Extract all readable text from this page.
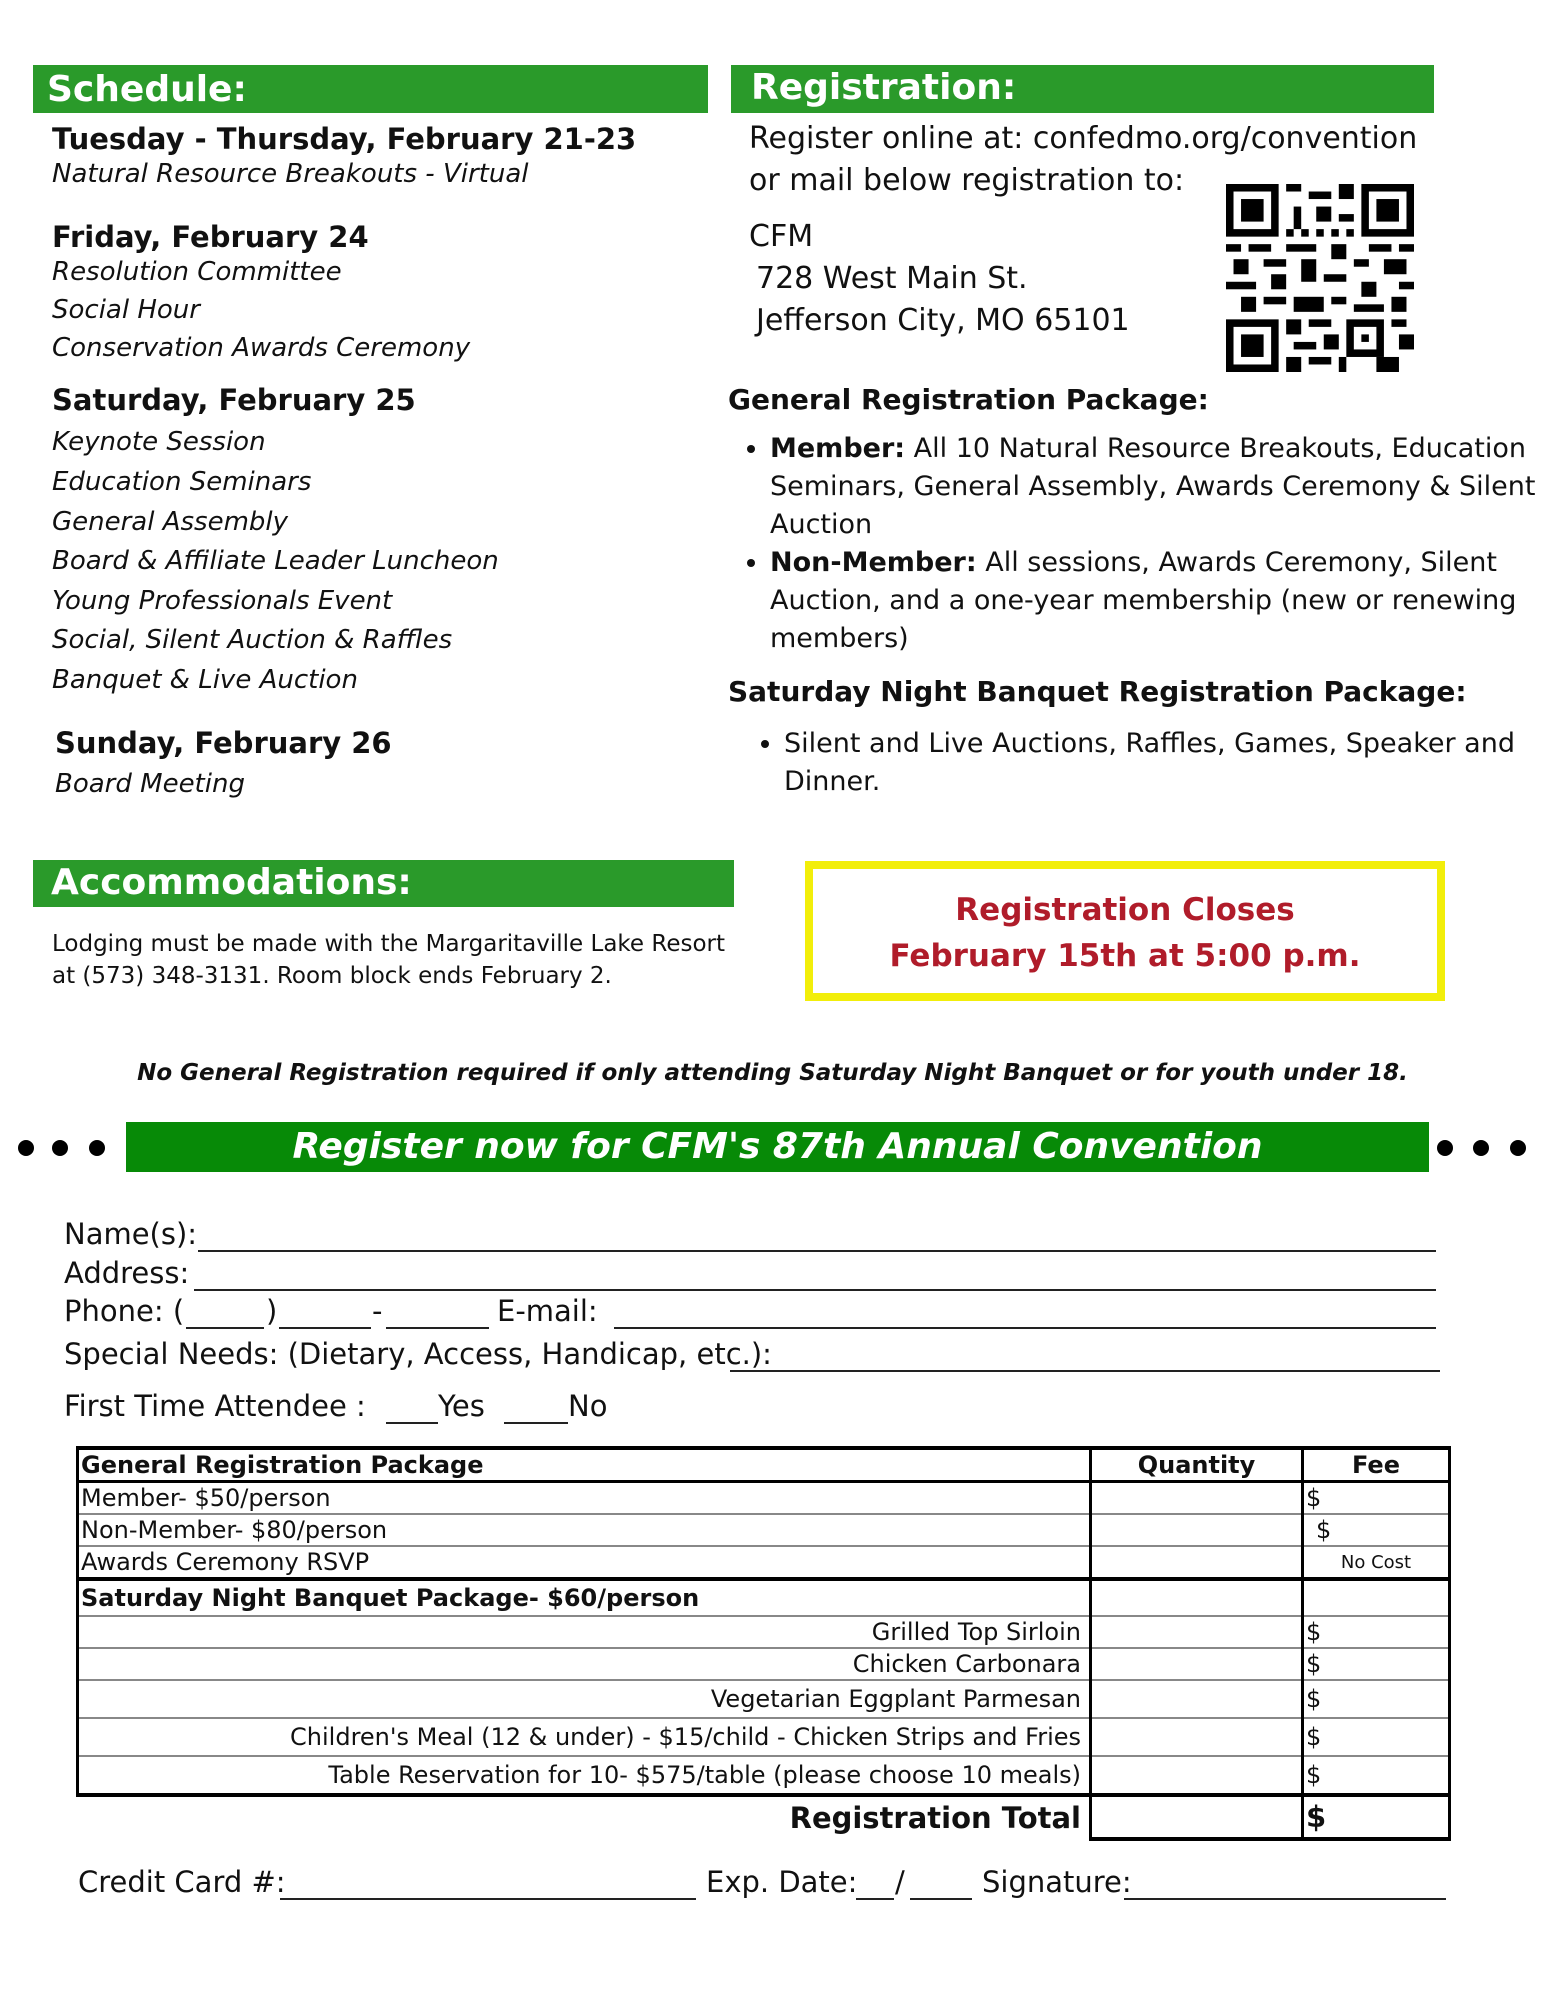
Schedule:
Tuesday - Thursday, February 21-23
Natural Resource Breakouts - Virtual
Friday, February 24
Resolution Committee
Social Hour
Conservation Awards Ceremony
Saturday, February 25
Keynote Session
Education Seminars
General Assembly
Board & Affiliate Leader Luncheon
Young Professionals Event
Social, Silent Auction & Raffles
Banquet & Live Auction
Sunday, February 26
Board Meeting
Registration:
Register online at: confedmo.org/convention
or mail below registration to:
CFM
728 West Main St.
Jefferson City, MO 65101
General Registration Package:
• Member: All 10 Natural Resource Breakouts, Education Seminars, General Assembly, Awards Ceremony & Silent Auction
• Non-Member: All sessions, Awards Ceremony, Silent Auction, and a one-year membership (new or renewing members)
Saturday Night Banquet Registration Package:
• Silent and Live Auctions, Raffles, Games, Speaker and Dinner.
Accommodations:
Lodging must be made with the Margaritaville Lake Resort
at (573) 348-3131. Room block ends February 2.
Registration Closes
February 15th at 5:00 p.m.
No General Registration required if only attending Saturday Night Banquet or for youth under 18.
Register now for CFM's 87th Annual Convention
Name(s):
Address:
Phone: (	)	-	E-mail:
Special Needs: (Dietary, Access, Handicap, etc.):
First Time Attendee : Yes	No
General Registration Package	Quantity	Fee
Member- $50/person		$
Non-Member- $80/person		$
Awards Ceremony RSVP		No Cost
Saturday Night Banquet Package- $60/person		
Grilled Top Sirloin		$
Chicken Carbonara		$
Vegetarian Eggplant Parmesan		$
Children's Meal (12 & under) - $15/child - Chicken Strips and Fries		$
Table Reservation for 10- $575/table (please choose 10 meals)		$
Registration Total		$
Credit Card #:	Exp. Date: /	Signature:
